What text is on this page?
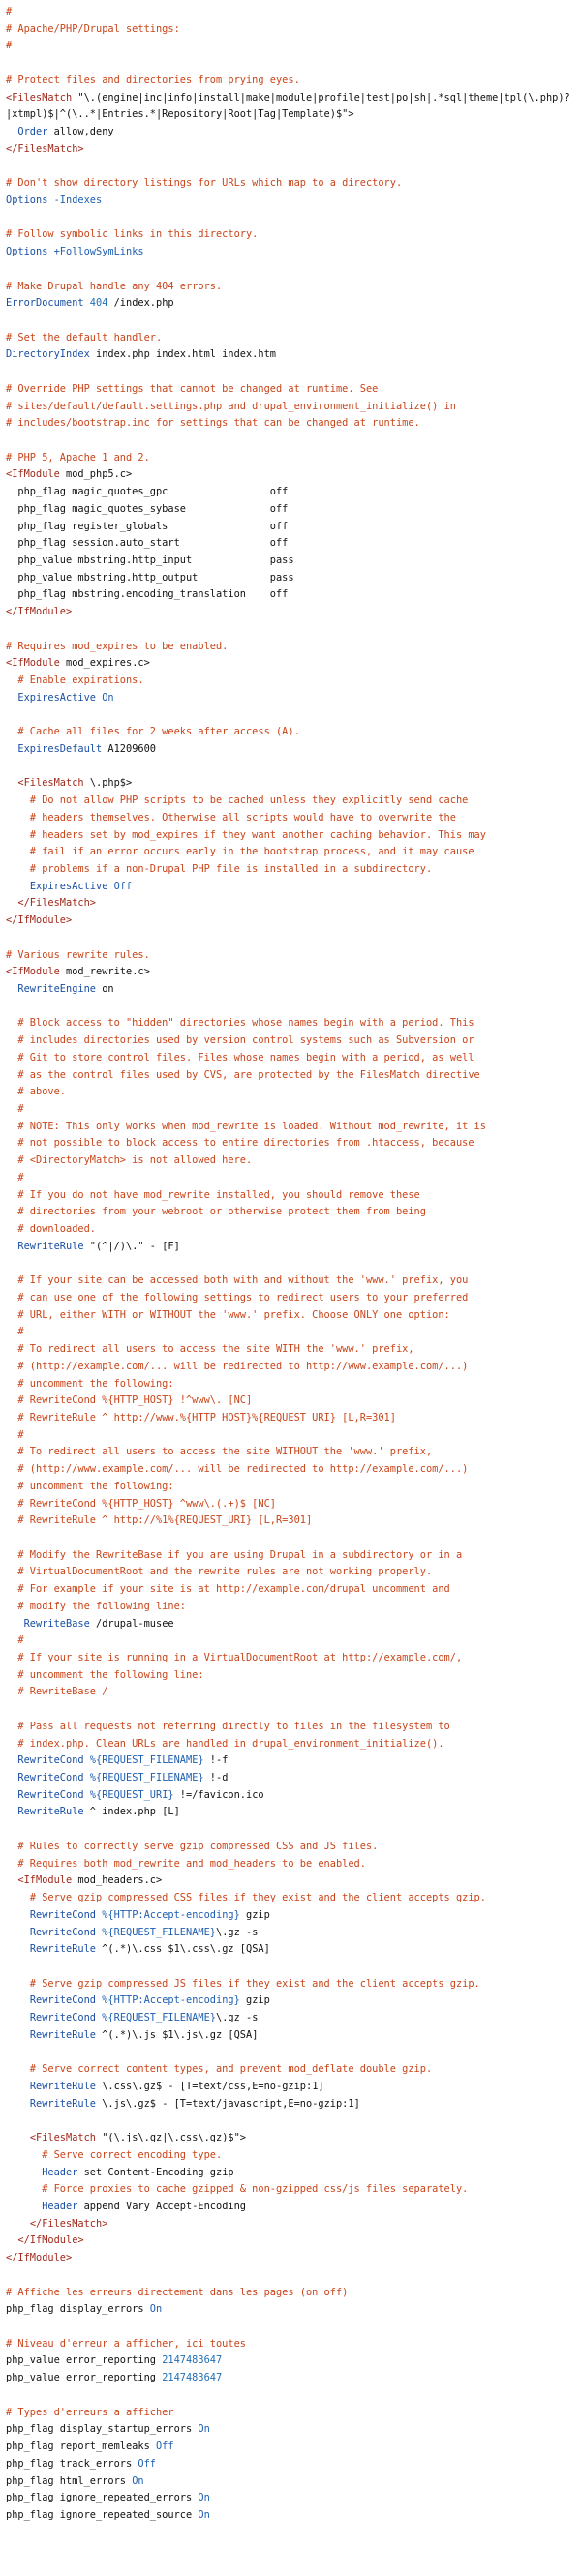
#
# Apache/PHP/Drupal settings:
#

# Protect files and directories from prying eyes.
<FilesMatch "\.(engine|inc|info|install|make|module|profile|test|po|sh|.*sql|theme|tpl(\.php)?
|xtmpl)$|^(\..*|Entries.*|Repository|Root|Tag|Template)$">
Order allow,deny
</FilesMatch>

# Don't show directory listings for URLs which map to a directory.
Options -Indexes

# Follow symbolic links in this directory.
Options +FollowSymLinks

# Make Drupal handle any 404 errors.
ErrorDocument 404 /index.php

# Set the default handler.
DirectoryIndex index.php index.html index.htm

# Override PHP settings that cannot be changed at runtime. See
# sites/default/default.settings.php and drupal_environment_initialize() in
# includes/bootstrap.inc for settings that can be changed at runtime.

# PHP 5, Apache 1 and 2.
<IfModule mod_php5.c>
php_flag magic_quotes_gpc                 off
php_flag magic_quotes_sybase              off
php_flag register_globals                 off
php_flag session.auto_start               off
php_value mbstring.http_input             pass
php_value mbstring.http_output            pass
php_flag mbstring.encoding_translation    off
</IfModule>

# Requires mod_expires to be enabled.
<IfModule mod_expires.c>
# Enable expirations.
ExpiresActive On

# Cache all files for 2 weeks after access (A).
ExpiresDefault A1209600

<FilesMatch \.php$>
# Do not allow PHP scripts to be cached unless they explicitly send cache
# headers themselves. Otherwise all scripts would have to overwrite the
# headers set by mod_expires if they want another caching behavior. This may
# fail if an error occurs early in the bootstrap process, and it may cause
# problems if a non-Drupal PHP file is installed in a subdirectory.
ExpiresActive Off
</FilesMatch>
</IfModule>

# Various rewrite rules.
<IfModule mod_rewrite.c>
RewriteEngine on

# Block access to "hidden" directories whose names begin with a period. This
# includes directories used by version control systems such as Subversion or
# Git to store control files. Files whose names begin with a period, as well
# as the control files used by CVS, are protected by the FilesMatch directive
# above.
#
# NOTE: This only works when mod_rewrite is loaded. Without mod_rewrite, it is
# not possible to block access to entire directories from .htaccess, because
# <DirectoryMatch> is not allowed here.
#
# If you do not have mod_rewrite installed, you should remove these
# directories from your webroot or otherwise protect them from being
# downloaded.
RewriteRule "(^|/)\." - [F]

# If your site can be accessed both with and without the 'www.' prefix, you
# can use one of the following settings to redirect users to your preferred
# URL, either WITH or WITHOUT the 'www.' prefix. Choose ONLY one option:
#
# To redirect all users to access the site WITH the 'www.' prefix,
# (http://example.com/... will be redirected to http://www.example.com/...)
# uncomment the following:
# RewriteCond %{HTTP_HOST} !^www\. [NC]
# RewriteRule ^ http://www.%{HTTP_HOST}%{REQUEST_URI} [L,R=301]
#
# To redirect all users to access the site WITHOUT the 'www.' prefix,
# (http://www.example.com/... will be redirected to http://example.com/...)
# uncomment the following:
# RewriteCond %{HTTP_HOST} ^www\.(.+)$ [NC]
# RewriteRule ^ http://%1%{REQUEST_URI} [L,R=301]

# Modify the RewriteBase if you are using Drupal in a subdirectory or in a
# VirtualDocumentRoot and the rewrite rules are not working properly.
# For example if your site is at http://example.com/drupal uncomment and
# modify the following line:
RewriteBase /drupal-musee
#
# If your site is running in a VirtualDocumentRoot at http://example.com/,
# uncomment the following line:
# RewriteBase /

# Pass all requests not referring directly to files in the filesystem to
# index.php. Clean URLs are handled in drupal_environment_initialize().
RewriteCond %{REQUEST_FILENAME} !-f
RewriteCond %{REQUEST_FILENAME} !-d
RewriteCond %{REQUEST_URI} !=/favicon.ico
RewriteRule ^ index.php [L]

# Rules to correctly serve gzip compressed CSS and JS files.
# Requires both mod_rewrite and mod_headers to be enabled.
<IfModule mod_headers.c>
# Serve gzip compressed CSS files if they exist and the client accepts gzip.
RewriteCond %{HTTP:Accept-encoding} gzip
RewriteCond %{REQUEST_FILENAME}\.gz -s
RewriteRule ^(.*)\.css $1\.css\.gz [QSA]

# Serve gzip compressed JS files if they exist and the client accepts gzip.
RewriteCond %{HTTP:Accept-encoding} gzip
RewriteCond %{REQUEST_FILENAME}\.gz -s
RewriteRule ^(.*)\.js $1\.js\.gz [QSA]

# Serve correct content types, and prevent mod_deflate double gzip.
RewriteRule \.css\.gz$ - [T=text/css,E=no-gzip:1]
RewriteRule \.js\.gz$ - [T=text/javascript,E=no-gzip:1]

<FilesMatch "(\.js\.gz|\.css\.gz)$">
# Serve correct encoding type.
Header set Content-Encoding gzip
# Force proxies to cache gzipped & non-gzipped css/js files separately.
Header append Vary Accept-Encoding
</FilesMatch>
</IfModule>
</IfModule>

# Affiche les erreurs directement dans les pages (on|off)
php_flag display_errors On

# Niveau d'erreur a afficher, ici toutes
php_value error_reporting 2147483647
php_value error_reporting 2147483647

# Types d'erreurs a afficher
php_flag display_startup_errors On
php_flag report_memleaks Off
php_flag track_errors Off
php_flag html_errors On
php_flag ignore_repeated_errors On
php_flag ignore_repeated_source On
